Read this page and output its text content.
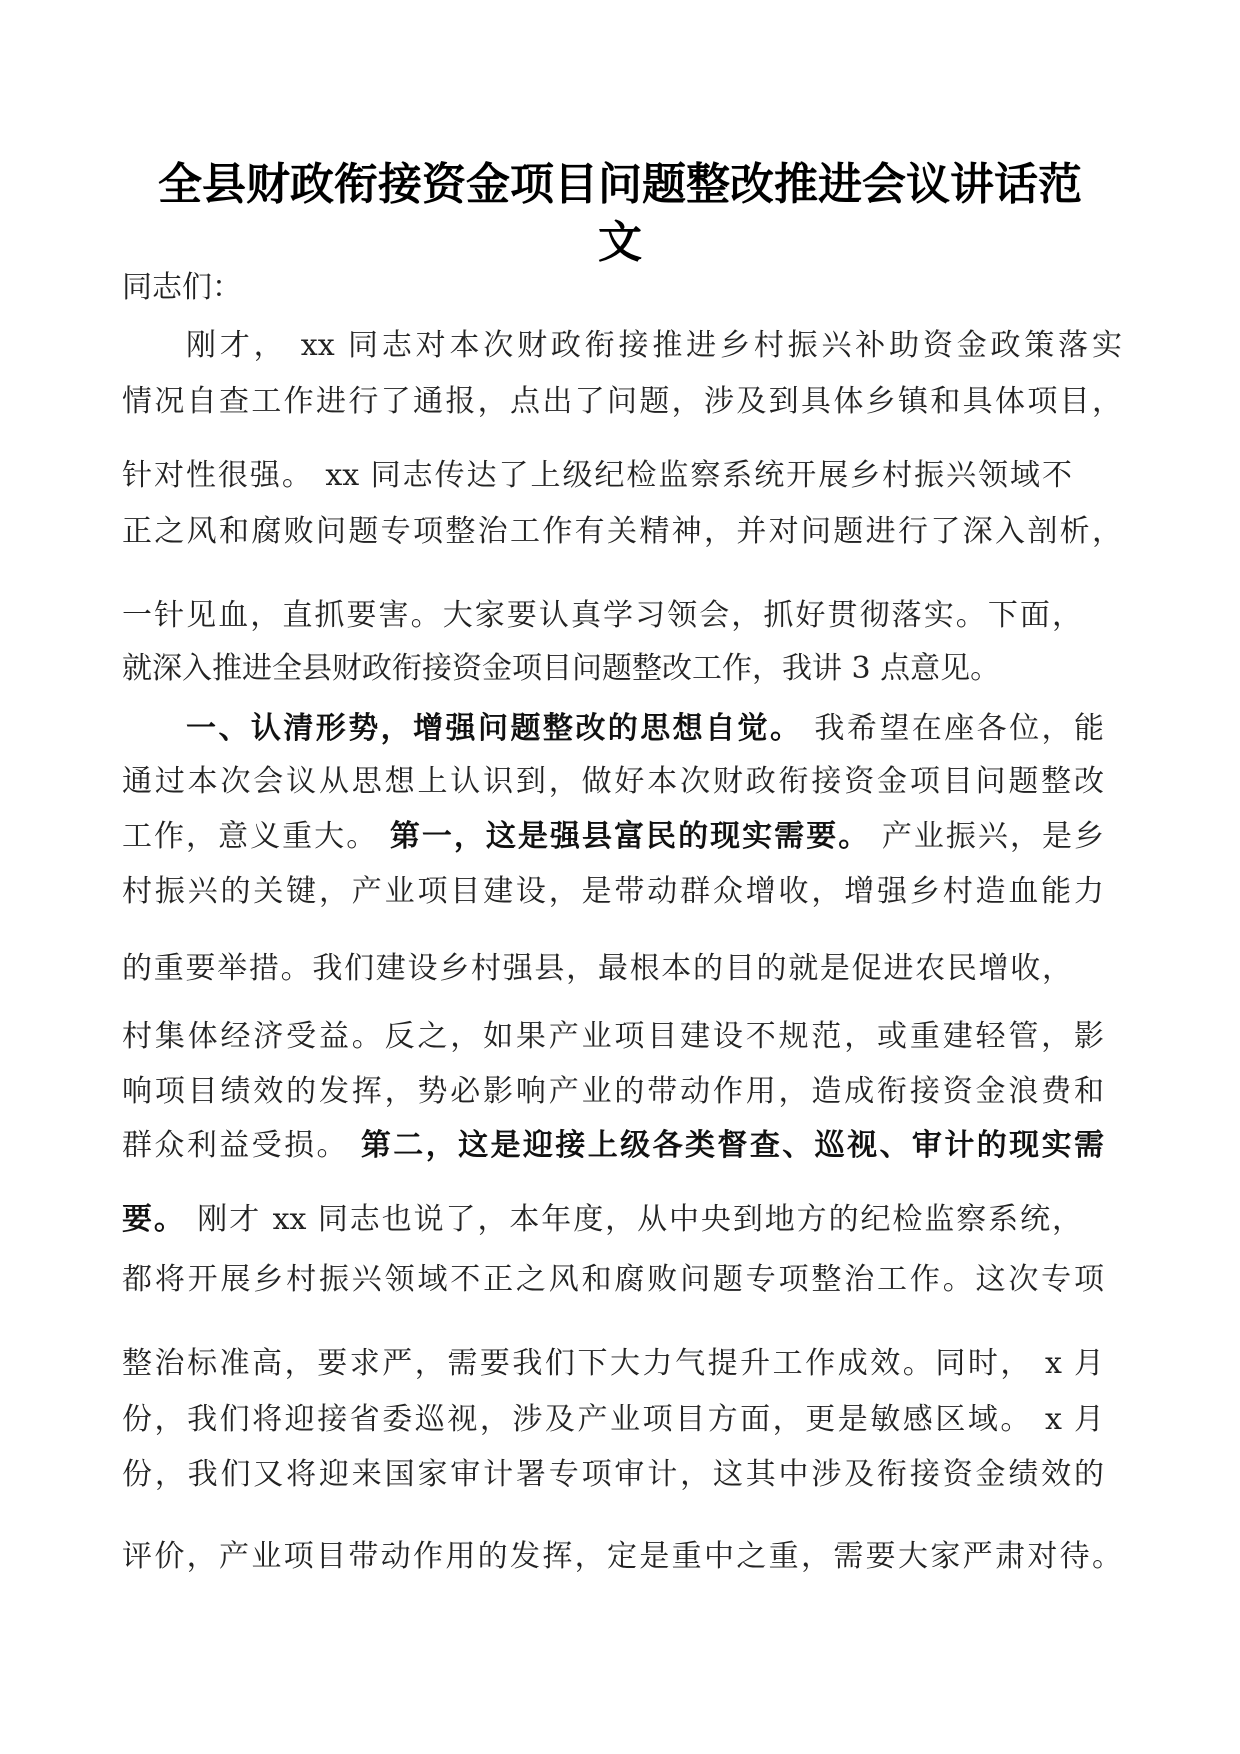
全县财政衔接资金项目问题整改推进会议讲话范
文
同志们：
刚才， xx 同志对本次财政衔接推进乡村振兴补助资金政策落实
情况自查工作进行了通报，点出了问题，涉及到具体乡镇和具体项目，
针对性很强。 xx 同志传达了上级纪检监察系统开展乡村振兴领域不
正之风和腐败问题专项整治工作有关精神，并对问题进行了深入剖析，
一针见血，直抓要害。大家要认真学习领会，抓好贯彻落实。下面，
就深入推进全县财政衔接资金项目问题整改工作，我讲 3 点意见。
一、认清形势，增强问题整改的思想自觉。 我希望在座各位，能
通过本次会议从思想上认识到，做好本次财政衔接资金项目问题整改
工作，意义重大。 第一，这是强县富民的现实需要。 产业振兴，是乡
村振兴的关键，产业项目建设，是带动群众增收，增强乡村造血能力
的重要举措。我们建设乡村强县，最根本的目的就是促进农民增收，
村集体经济受益。反之，如果产业项目建设不规范，或重建轻管，影
响项目绩效的发挥，势必影响产业的带动作用，造成衔接资金浪费和
群众利益受损。 第二，这是迎接上级各类督查、巡视、审计的现实需
要。 刚才 xx 同志也说了，本年度，从中央到地方的纪检监察系统，
都将开展乡村振兴领域不正之风和腐败问题专项整治工作。这次专项
整治标准高，要求严，需要我们下大力气提升工作成效。同时， x 月
份，我们将迎接省委巡视，涉及产业项目方面，更是敏感区域。 x 月
份，我们又将迎来国家审计署专项审计，这其中涉及衔接资金绩效的
评价，产业项目带动作用的发挥，定是重中之重，需要大家严肃对待。
